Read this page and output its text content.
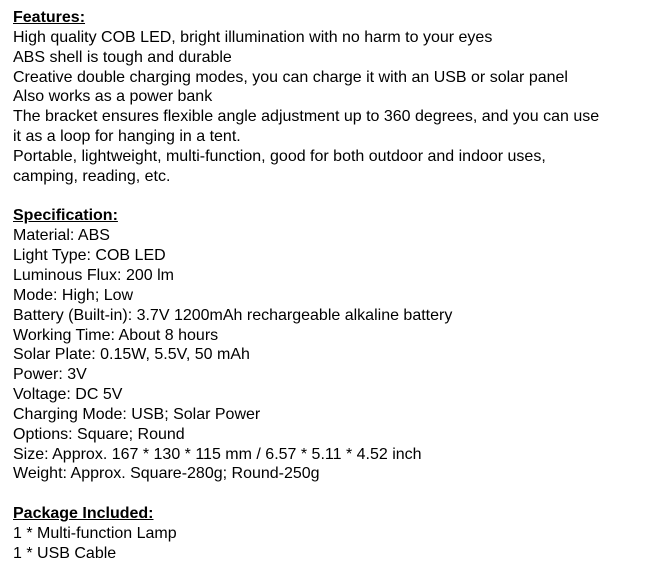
Features:
High quality COB LED, bright illumination with no harm to your eyes
ABS shell is tough and durable
Creative double charging modes, you can charge it with an USB or solar panel
Also works as a power bank
The bracket ensures flexible angle adjustment up to 360 degrees, and you can use
it as a loop for hanging in a tent.
Portable, lightweight, multi-function, good for both outdoor and indoor uses,
camping, reading, etc.
Specification:
Material: ABS
Light Type: COB LED
Luminous Flux: 200 lm
Mode: High; Low
Battery (Built-in): 3.7V 1200mAh rechargeable alkaline battery
Working Time: About 8 hours
Solar Plate: 0.15W, 5.5V, 50 mAh
Power: 3V
Voltage: DC 5V
Charging Mode: USB; Solar Power
Options: Square; Round
Size: Approx. 167 * 130 * 115 mm / 6.57 * 5.11 * 4.52 inch
Weight: Approx. Square-280g; Round-250g
Package Included:
1 * Multi-function Lamp
1 * USB Cable
